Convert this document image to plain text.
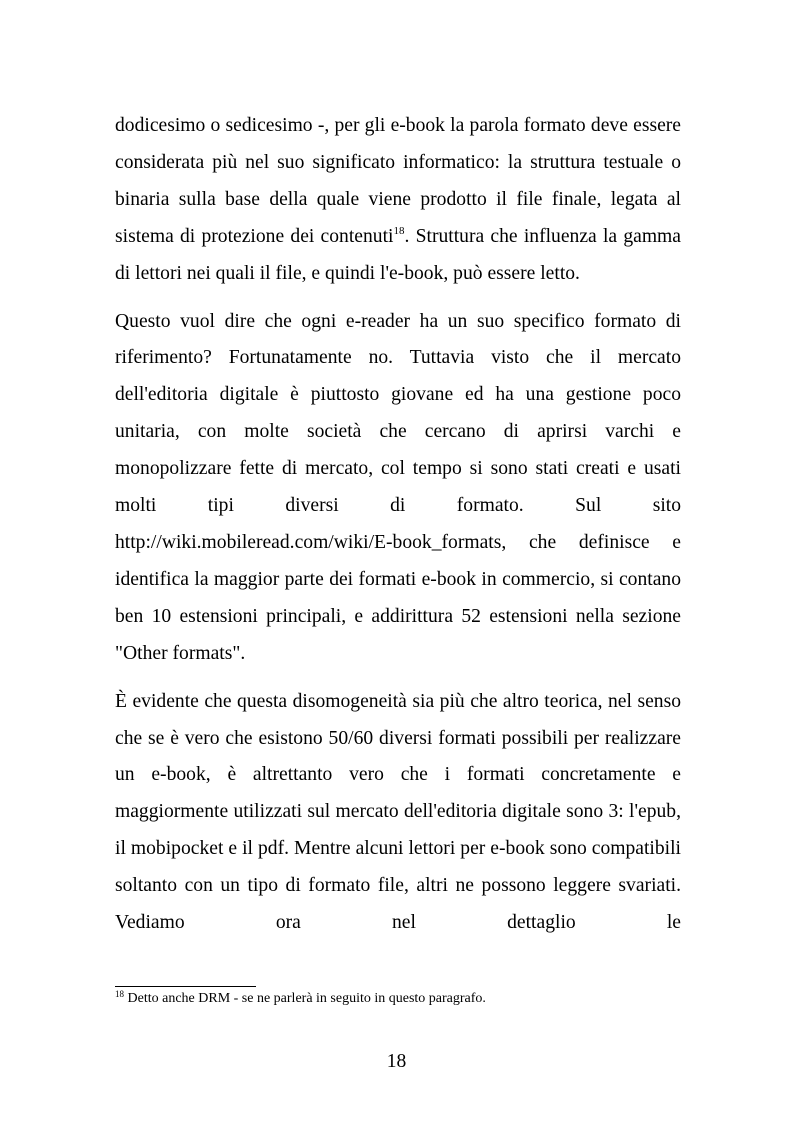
dodicesimo o sedicesimo -, per gli e-book la parola formato deve essere considerata più nel suo significato informatico: la struttura testuale o binaria sulla base della quale viene prodotto il file finale, legata al sistema di protezione dei contenuti$^{18}$. Struttura che influenza la gamma di lettori nei quali il file, e quindi l'e-book, può essere letto.

Questo vuol dire che ogni e-reader ha un suo specifico formato di riferimento? Fortunatamente no. Tuttavia visto che il mercato dell'editoria digitale è piuttosto giovane ed ha una gestione poco unitaria, con molte società che cercano di aprirsi varchi e monopolizzare fette di mercato, col tempo si sono stati creati e usati molti tipi diversi di formato. Sul sito http://wiki.mobileread.com/wiki/E-book_formats, che definisce e identifica la maggior parte dei formati e-book in commercio, si contano ben 10 estensioni principali, e addirittura 52 estensioni nella sezione "Other formats".

È evidente che questa disomogeneità sia più che altro teorica, nel senso che se è vero che esistono 50/60 diversi formati possibili per realizzare un e-book, è altrettanto vero che i formati concretamente e maggiormente utilizzati sul mercato dell'editoria digitale sono 3: l'epub, il mobipocket e il pdf. Mentre alcuni lettori per e-book sono compatibili soltanto con un tipo di formato file, altri ne possono leggere svariati. Vediamo ora nel dettaglio le

$^{18}$ Detto anche DRM - se ne parlerà in seguito in questo paragrafo.
18
